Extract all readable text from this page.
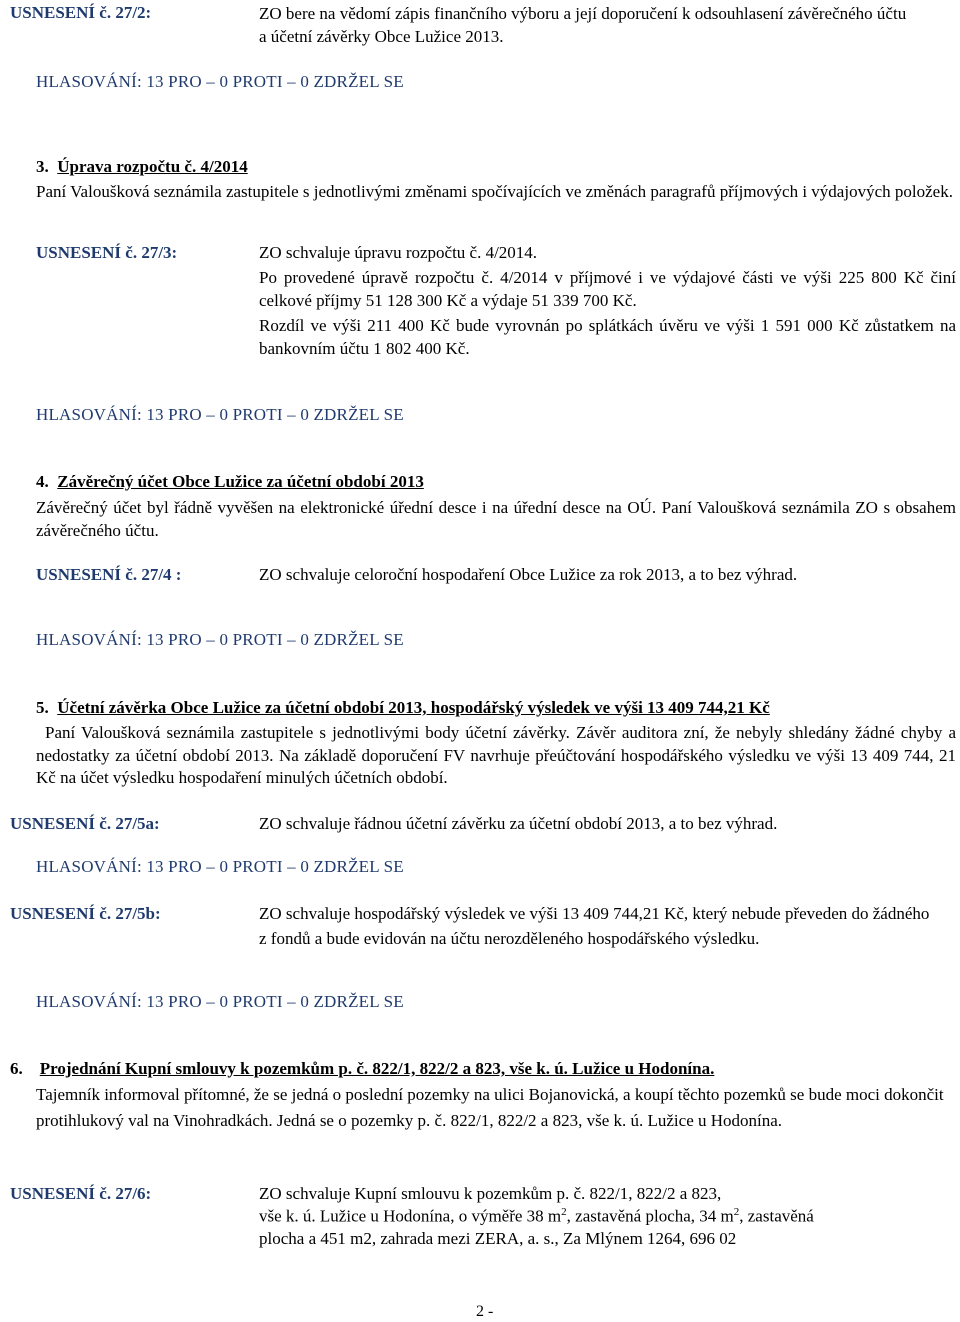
USNESENÍ č. 27/2:	ZO bere na vědomí zápis finančního výboru a její doporučení k odsouhlasení závěrečného účtu a účetní závěrky Obce Lužice 2013.
HLASOVÁNÍ: 13 PRO – 0 PROTI – 0 ZDRŽEL SE
3. Úprava rozpočtu č. 4/2014
Paní Valoušková seznámila zastupitele s jednotlivými změnami spočívajících ve změnách paragrafů příjmových i výdajových položek.
USNESENÍ č. 27/3:	ZO schvaluje úpravu rozpočtu č. 4/2014.
Po provedené úpravě rozpočtu č. 4/2014 v příjmové i ve výdajové části ve výši 225 800 Kč činí celkové příjmy 51 128 300 Kč a výdaje 51 339 700 Kč.
Rozdíl ve výši 211 400 Kč bude vyrovnán po splátkách úvěru ve výši 1 591 000 Kč zůstatkem na bankovním účtu 1 802 400 Kč.
HLASOVÁNÍ: 13 PRO – 0 PROTI – 0 ZDRŽEL SE
4. Závěrečný účet Obce Lužice za účetní období 2013
Závěrečný účet byl řádně vyvěšen na elektronické úřední desce i na úřední desce na OÚ. Paní Valoušková seznámila ZO s obsahem závěrečného účtu.
USNESENÍ č. 27/4 :	ZO schvaluje celoroční hospodaření Obce Lužice za rok 2013, a to bez výhrad.
HLASOVÁNÍ: 13 PRO – 0 PROTI – 0 ZDRŽEL SE
5. Účetní závěrka Obce Lužice za účetní období 2013, hospodářský výsledek ve výši 13 409 744,21 Kč
Paní Valoušková seznámila zastupitele s jednotlivými body účetní závěrky. Závěr auditora zní, že nebyly shledány žádné chyby a nedostatky za účetní období 2013. Na základě doporučení FV navrhuje přeúčtování hospodářského výsledku ve výši 13 409 744, 21 Kč na účet výsledku hospodaření minulých účetních období.
USNESENÍ č. 27/5a:	ZO schvaluje řádnou účetní závěrku za účetní období 2013, a to bez výhrad.
HLASOVÁNÍ: 13 PRO – 0 PROTI – 0 ZDRŽEL SE
USNESENÍ č. 27/5b:	ZO schvaluje hospodářský výsledek ve výši 13 409 744,21 Kč, který nebude převeden do žádného z fondů a bude evidován na účtu nerozděleného hospodářského výsledku.
HLASOVÁNÍ: 13 PRO – 0 PROTI – 0 ZDRŽEL SE
6. Projednání Kupní smlouvy k pozemkům p. č. 822/1, 822/2 a 823, vše k. ú. Lužice u Hodonína.
Tajemník informoval přítomné, že se jedná o poslední pozemky na ulici Bojanovická, a koupí těchto pozemků se bude moci dokončit protihlukový val na Vinohradkách. Jedná se o pozemky p. č. 822/1, 822/2 a 823, vše k. ú. Lužice u Hodonína.
USNESENÍ č. 27/6:	ZO schvaluje Kupní smlouvu k pozemkům p. č. 822/1, 822/2 a 823,
vše k. ú. Lužice u Hodonína, o výměře 38 $m^2$, zastavěná plocha, 34 $m^2$, zastavěná
plocha a 451 m2, zahrada mezi ZERA, a. s., Za Mlýnem 1264, 696 02
2 -
